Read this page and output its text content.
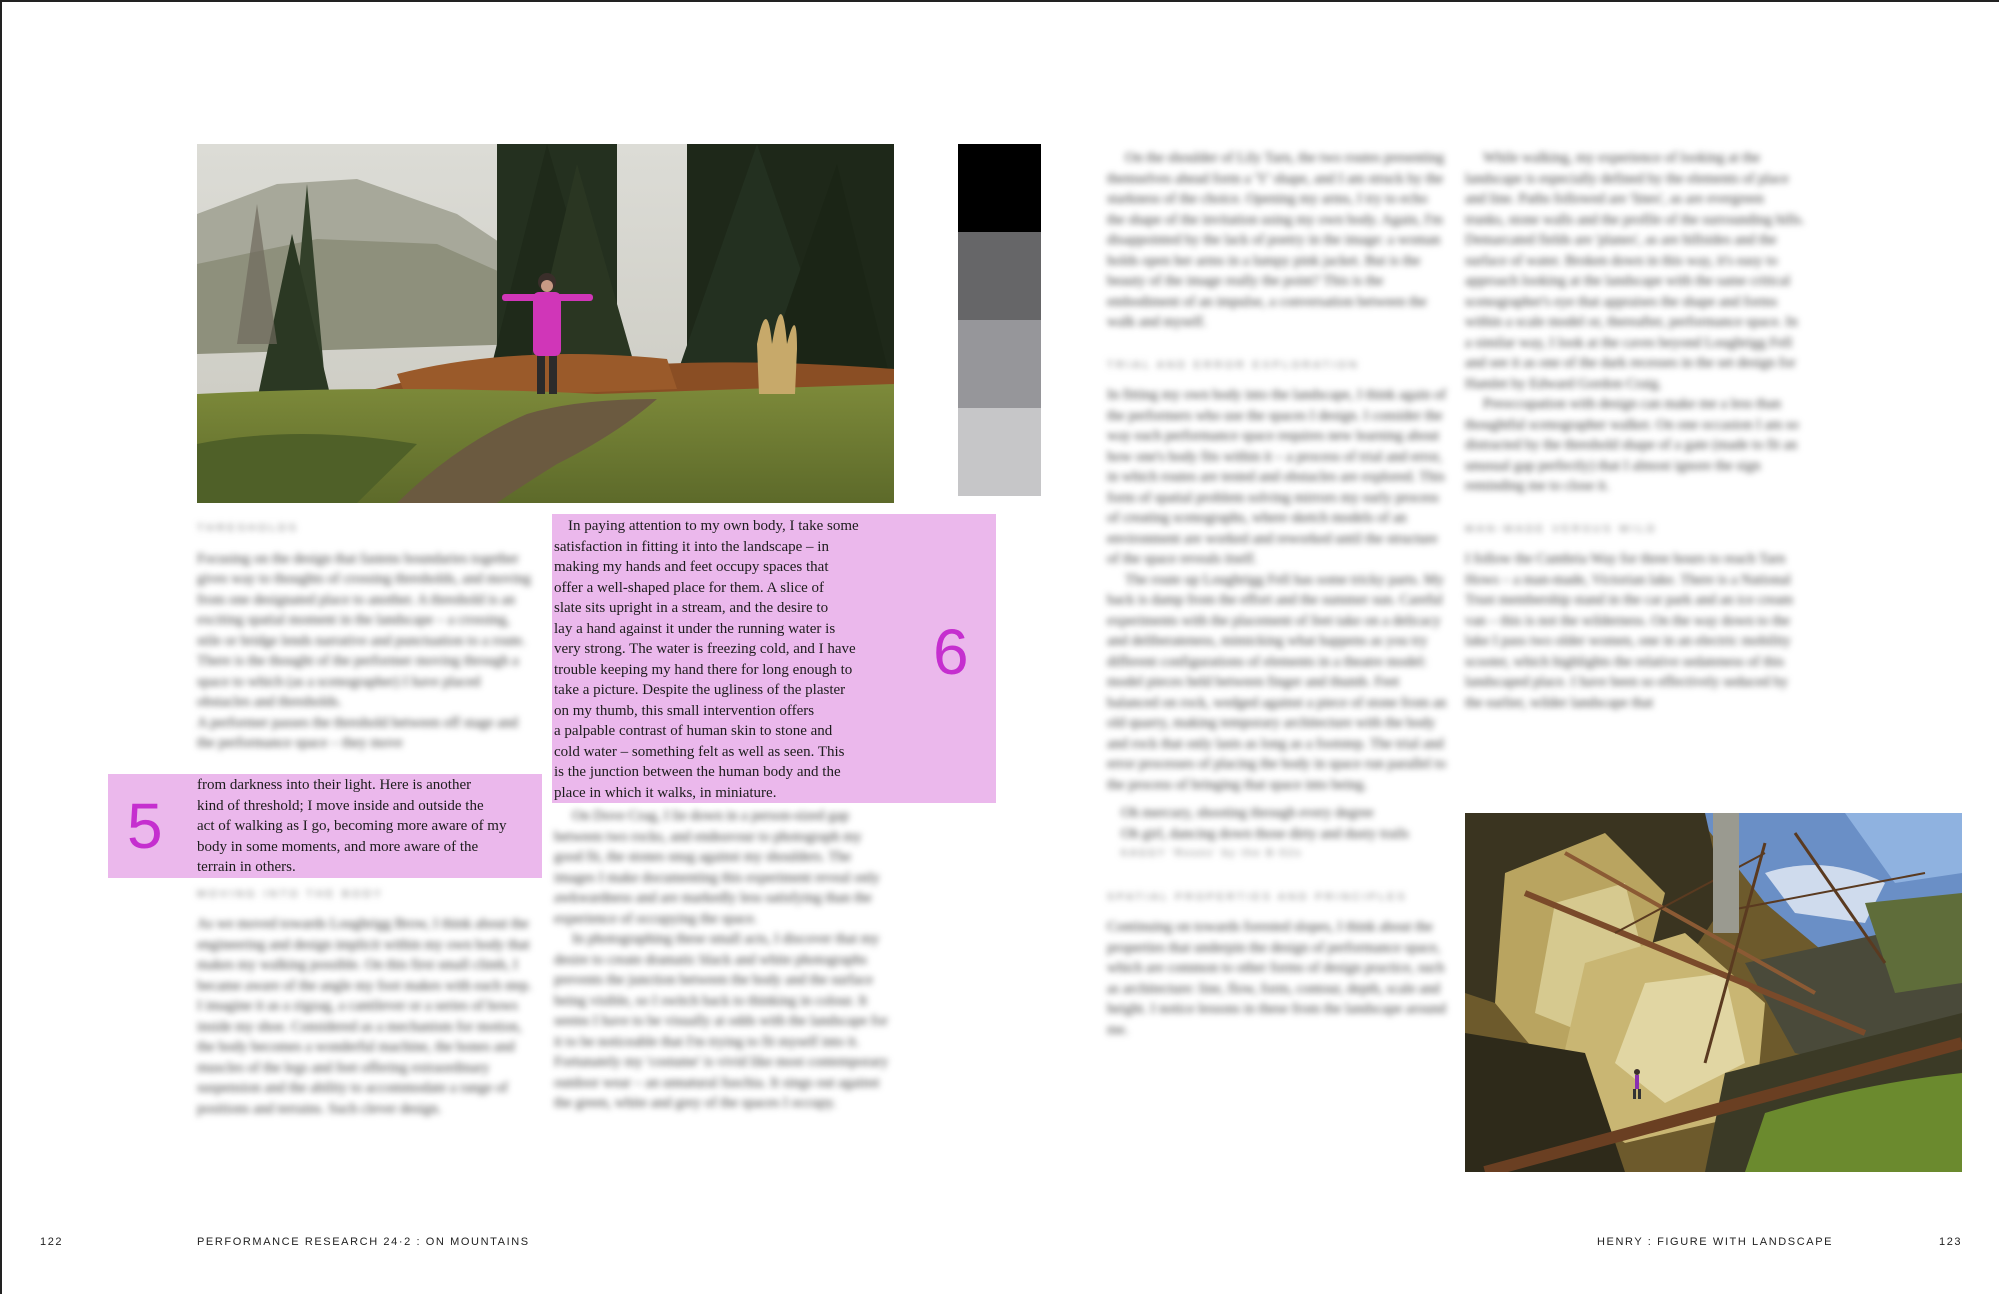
THRESHOLDS

Focusing on the design that fastens boundaries together gives way to thoughts of crossing thresholds, and moving from one designated place to another. A threshold is an exciting spatial moment in the landscape – a crossing, stile or bridge lends narrative and punctuation to a route. There is the thought of the performer moving through a space to which (as a scenographer) I have placed obstacles and thresholds.

A performer passes the threshold between off stage and the performance space – they move

MOVING INTO THE BODY

As we moved towards Loughrigg Brow, I think about the engineering and design implicit within my own body that makes my walking possible. On this first small climb, I became aware of the angle my foot makes with each step. I imagine it as a zigzag, a cantilever or a series of bows inside my shoe. Considered as a mechanism for motion, the body becomes a wonderful machine, the bones and muscles of the legs and feet offering extraordinary suspension and the ability to accommodate a range of positions and terrains. Such clever design.

On Dove Crag, I lie down in a person-sized gap between two rocks, and endeavour to photograph my good fit, the stones snug against my shoulders. The images I make documenting this experiment reveal only awkwardness and are markedly less satisfying than the experience of occupying the space.

In photographing these small acts, I discover that my desire to create dramatic black and white photographs prevents the junction between the body and the surface being visible, so I switch back to thinking in colour. It seems I have to be visually at odds with the landscape for it to be noticeable that I'm trying to fit myself into it. Fortunately my 'costume' is vivid like most contemporary outdoor wear – an unnatural fuschia. It sings out against the green, white and grey of the spaces I occupy.

5
from darkness into their light. Here is another
kind of threshold; I move inside and outside the
act of walking as I go, becoming more aware of my
body in some moments, and more aware of the
terrain in others.
6
In paying attention to my own body, I take some
satisfaction in fitting it into the landscape – in
making my hands and feet occupy spaces that
offer a well-shaped place for them. A slice of
slate sits upright in a stream, and the desire to
lay a hand against it under the running water is
very strong. The water is freezing cold, and I have
trouble keeping my hand there for long enough to
take a picture. Despite the ugliness of the plaster
on my thumb, this small intervention offers
a palpable contrast of human skin to stone and
cold water – something felt as well as seen. This
is the junction between the human body and the
place in which it walks, in miniature.

On the shoulder of Lily Tarn, the two routes presenting themselves ahead form a 'Y' shape, and I am struck by the starkness of the choice. Opening my arms, I try to echo the shape of the invitation using my own body. Again, I'm disappointed by the lack of poetry in the image: a woman holds open her arms in a lumpy pink jacket. But is the beauty of the image really the point? This is the embodiment of an impulse, a conversation between the walk and myself.

TRIAL AND ERROR EXPLORATION

In fitting my own body into the landscape, I think again of the performers who use the spaces I design. I consider the way each performance space requires new learning about how one's body fits within it – a process of trial and error, in which routes are tested and obstacles are explored. This form of spatial problem solving mirrors my early process of creating scenographs, where sketch models of an environment are worked and reworked until the structure of the space reveals itself.

The route up Loughrigg Fell has some tricky parts. My back is damp from the effort and the summer sun. Careful experiments with the placement of feet take on a delicacy and deliberateness, mimicking what happens as you try different configurations of elements in a theatre model: model pieces held between finger and thumb. Feet balanced on rock, wedged against a piece of stone from an old quarry, making temporary architecture with the body and rock that only lasts as long as a footstep. The trial and error processes of placing the body in space run parallel to the process of bringing that space into being.

Oh mercury, shooting through every degree
Oh girl, dancing down those dirty and dusty trails
KAGGY 'Roses' by the B-52s
SPATIAL PROPERTIES AND PRINCIPLES

Continuing on towards forested slopes, I think about the properties that underpin the design of performance space, which are common to other forms of design practice, such as architecture: line, flow, form, contour, depth, scale and height. I notice lessons in these from the landscape around me.

While walking, my experience of looking at the landscape is especially defined by the elements of place and line. Paths followed are 'lines', as are evergreen trunks, stone walls and the profile of the surrounding hills. Demarcated fields are 'planes', as are hillsides and the surface of water. Broken down in this way, it's easy to approach looking at the landscape with the same critical scenographer's eye that appraises the shape and forms within a scale model or, thereafter, performance space. In a similar way, I look at the caves beyond Loughrigg Fell and see it as one of the dark recesses in the set design for Hamlet by Edward Gordon Craig.

Preoccupation with design can make me a less than thoughtful scenographer walker. On one occasion I am so distracted by the threshold shape of a gate (made to fit an unusual gap perfectly) that I almost ignore the sign reminding me to close it.

MAN-MADE VERSUS WILD

I follow the Cumbria Way for three hours to reach Tarn Hows – a man-made, Victorian lake. There is a National Trust membership stand in the car park and an ice cream van – this is not the wilderness. On the way down to the lake I pass two older women, one in an electric mobility scooter, which highlights the relative sedateness of this landscaped place. I have been so effectively seduced by the earlier, wilder landscape that

122	PERFORMANCE RESEARCH 24·2 : ON MOUNTAINS	HENRY : FIGURE WITH LANDSCAPE	123
